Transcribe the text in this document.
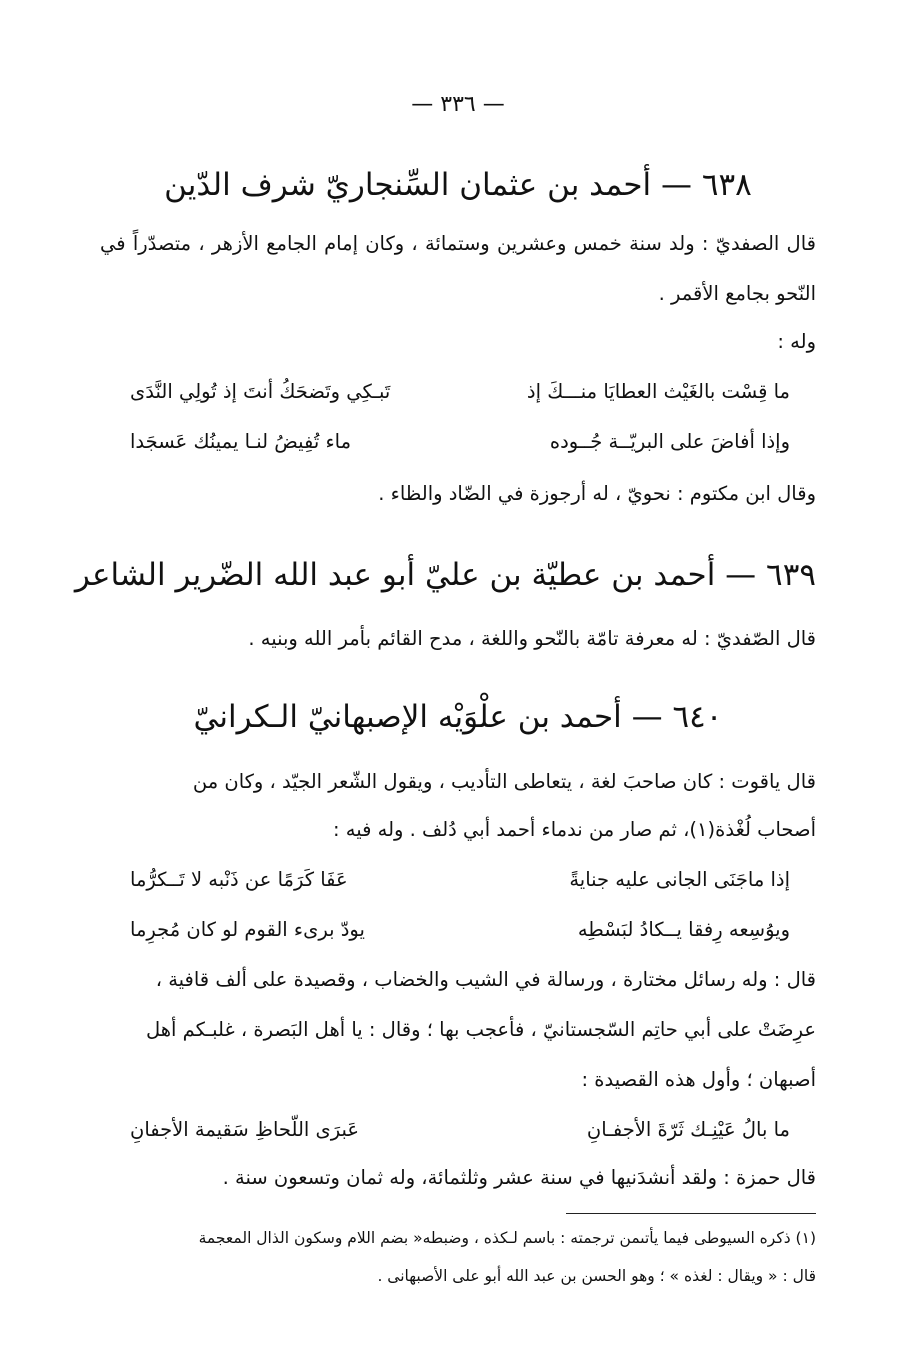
— ٣٣٦ —
٦٣٨ — أحمد بن عثمان السِّنجاريّ شرف الدّين
قال الصفديّ : ولد سنة خمس وعشرين وستمائة ، وكان إمام الجامع الأزهر ، متصدّراً في النّحو بجامع الأقمر .
وله :
ما قِسْت بالغَيْث العطايَا منـــكَ إذ
تَبـكِي وتَضحَكُ أنتَ إذ تُولِي النَّدَى
وإذا أفاضَ على البريّــة جُــوده
ماء تُفِيضُ لنـا يمينُك عَسجَدا
وقال ابن مكتوم : نحويّ ، له أرجوزة في الضّاد والظاء .
٦٣٩ — أحمد بن عطيّة بن عليّ أبو عبد الله الضّرير الشاعر
قال الصّفديّ : له معرفة تامّة بالنّحو واللغة ، مدح القائم بأمر الله وبنيه .
٦٤٠ — أحمد بن علْوَيْه الإصبهانيّ الـكرانيّ
قال ياقوت : كان صاحبَ لغة ، يتعاطى التأديب ، ويقول الشّعر الجيّد ، وكان من
أصحاب لُغْذة(١)، ثم صار من ندماء أحمد أبي دُلف . وله فيه :
إذا ماجَنَى الجانى عليه جنايةً
عَفَا كَرَمًا عن ذَنْبه لا تَــكرُّما
ويوُسِعه رِفقا يــكادُ لبَسْطِه
يودّ برىء القوم لو كان مُجرِما
قال : وله رسائل مختارة ، ورسالة في الشيب والخضاب ، وقصيدة على ألف قافية ،
عرِضَتْ على أبي حاتِم السّجستانيّ ، فأعجب بها ؛ وقال : يا أهل البَصرة ، غلبـكم أهل
أصبهان ؛ وأول هذه القصيدة :
ما بالُ عَيْنِـك ثَرّةَ الأجفـانِ
عَبرَى اللّحاظِ سَقيمة الأجفانِ
قال حمزة : ولقد أنشدَنيها في سنة عشر وثلثمائة، وله ثمان وتسعون سنة .
(١) ذكره السيوطى فيما يأتىمن ترجمته : باسم لـكذه ، وضبطه« بضم اللام وسكون الذال المعجمة
قال : « ويقال : لغذه » ؛ وهو الحسن بن عبد الله أبو على الأصبهانى .
